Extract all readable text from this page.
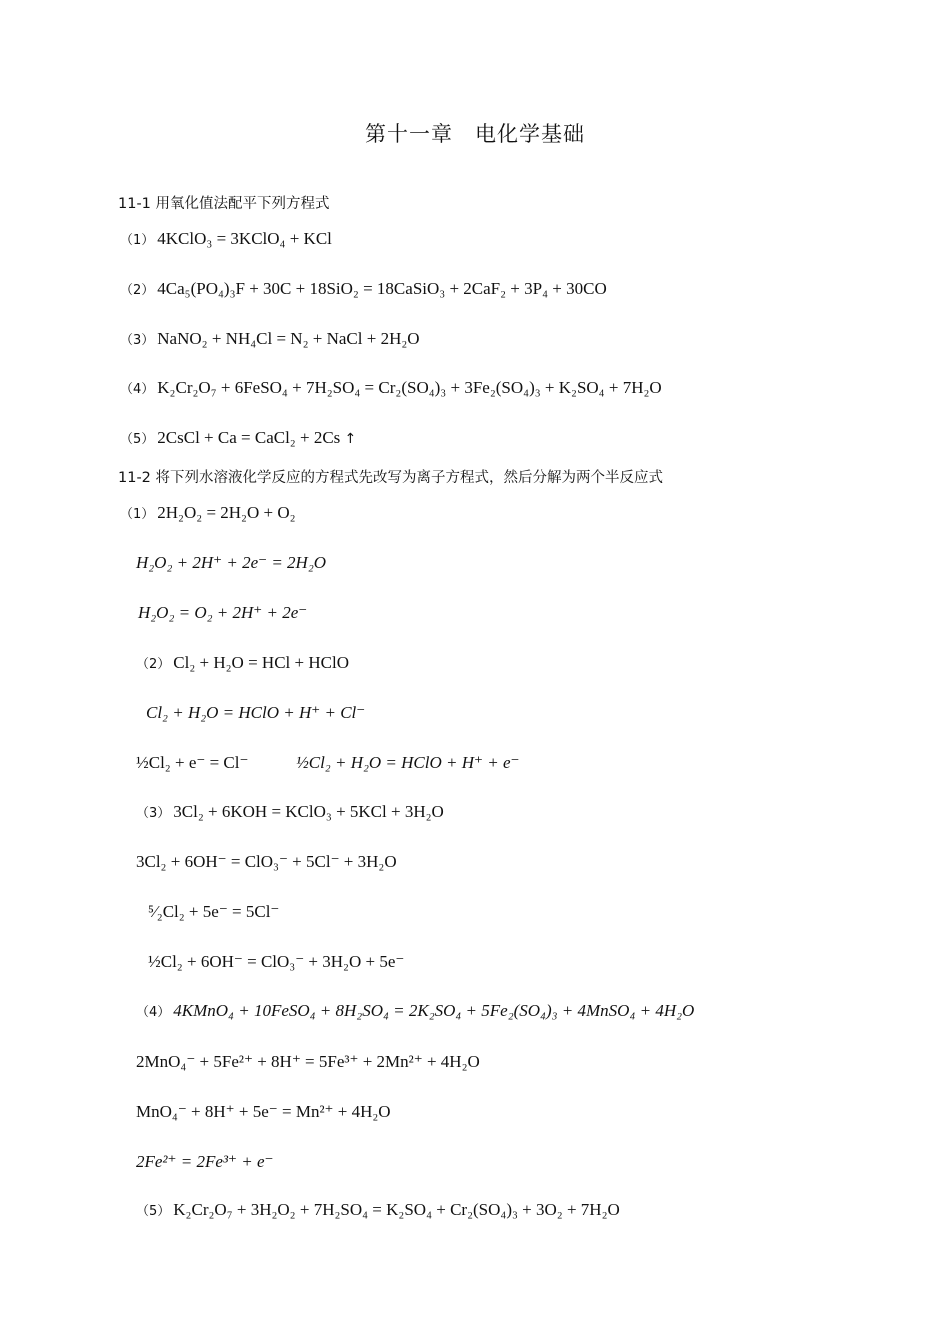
第十一章　电化学基础
11-1 用氧化值法配平下列方程式
（1） 4KClO₃ = 3KClO₄ + KCl
（2） 4Ca₅(PO₄)₃F + 30C + 18SiO₂ = 18CaSiO₃ + 2CaF₂ + 3P₄ + 30CO
（3） NaNO₂ + NH₄Cl = N₂ + NaCl + 2H₂O
（4） K₂Cr₂O₇ + 6FeSO₄ + 7H₂SO₄ = Cr₂(SO₄)₃ + 3Fe₂(SO₄)₃ + K₂SO₄ + 7H₂O
（5） 2CsCl + Ca = CaCl₂ + 2Cs ↑
11-2 将下列水溶液化学反应的方程式先改写为离子方程式，然后分解为两个半反应式
（1） 2H₂O₂ = 2H₂O + O₂
H₂O₂ + 2H⁺ + 2e⁻ = 2H₂O
H₂O₂ = O₂ + 2H⁺ + 2e⁻
（2） Cl₂ + H₂O = HCl + HClO
Cl₂ + H₂O = HClO + H⁺ + Cl⁻
½Cl₂ + e⁻ = Cl⁻	½Cl₂ + H₂O = HClO + H⁺ + e⁻
（3） 3Cl₂ + 6KOH = KClO₃ + 5KCl + 3H₂O
3Cl₂ + 6OH⁻ = ClO₃⁻ + 5Cl⁻ + 3H₂O
⁵⁄₂Cl₂ + 5e⁻ = 5Cl⁻
½Cl₂ + 6OH⁻ = ClO₃⁻ + 3H₂O + 5e⁻
（4） 4KMnO₄ + 10FeSO₄ + 8H₂SO₄ = 2K₂SO₄ + 5Fe₂(SO₄)₃ + 4MnSO₄ + 4H₂O
2MnO₄⁻ + 5Fe²⁺ + 8H⁺ = 5Fe³⁺ + 2Mn²⁺ + 4H₂O
MnO₄⁻ + 8H⁺ + 5e⁻ = Mn²⁺ + 4H₂O
2Fe²⁺ = 2Fe³⁺ + e⁻
（5） K₂Cr₂O₇ + 3H₂O₂ + 7H₂SO₄ = K₂SO₄ + Cr₂(SO₄)₃ + 3O₂ + 7H₂O
